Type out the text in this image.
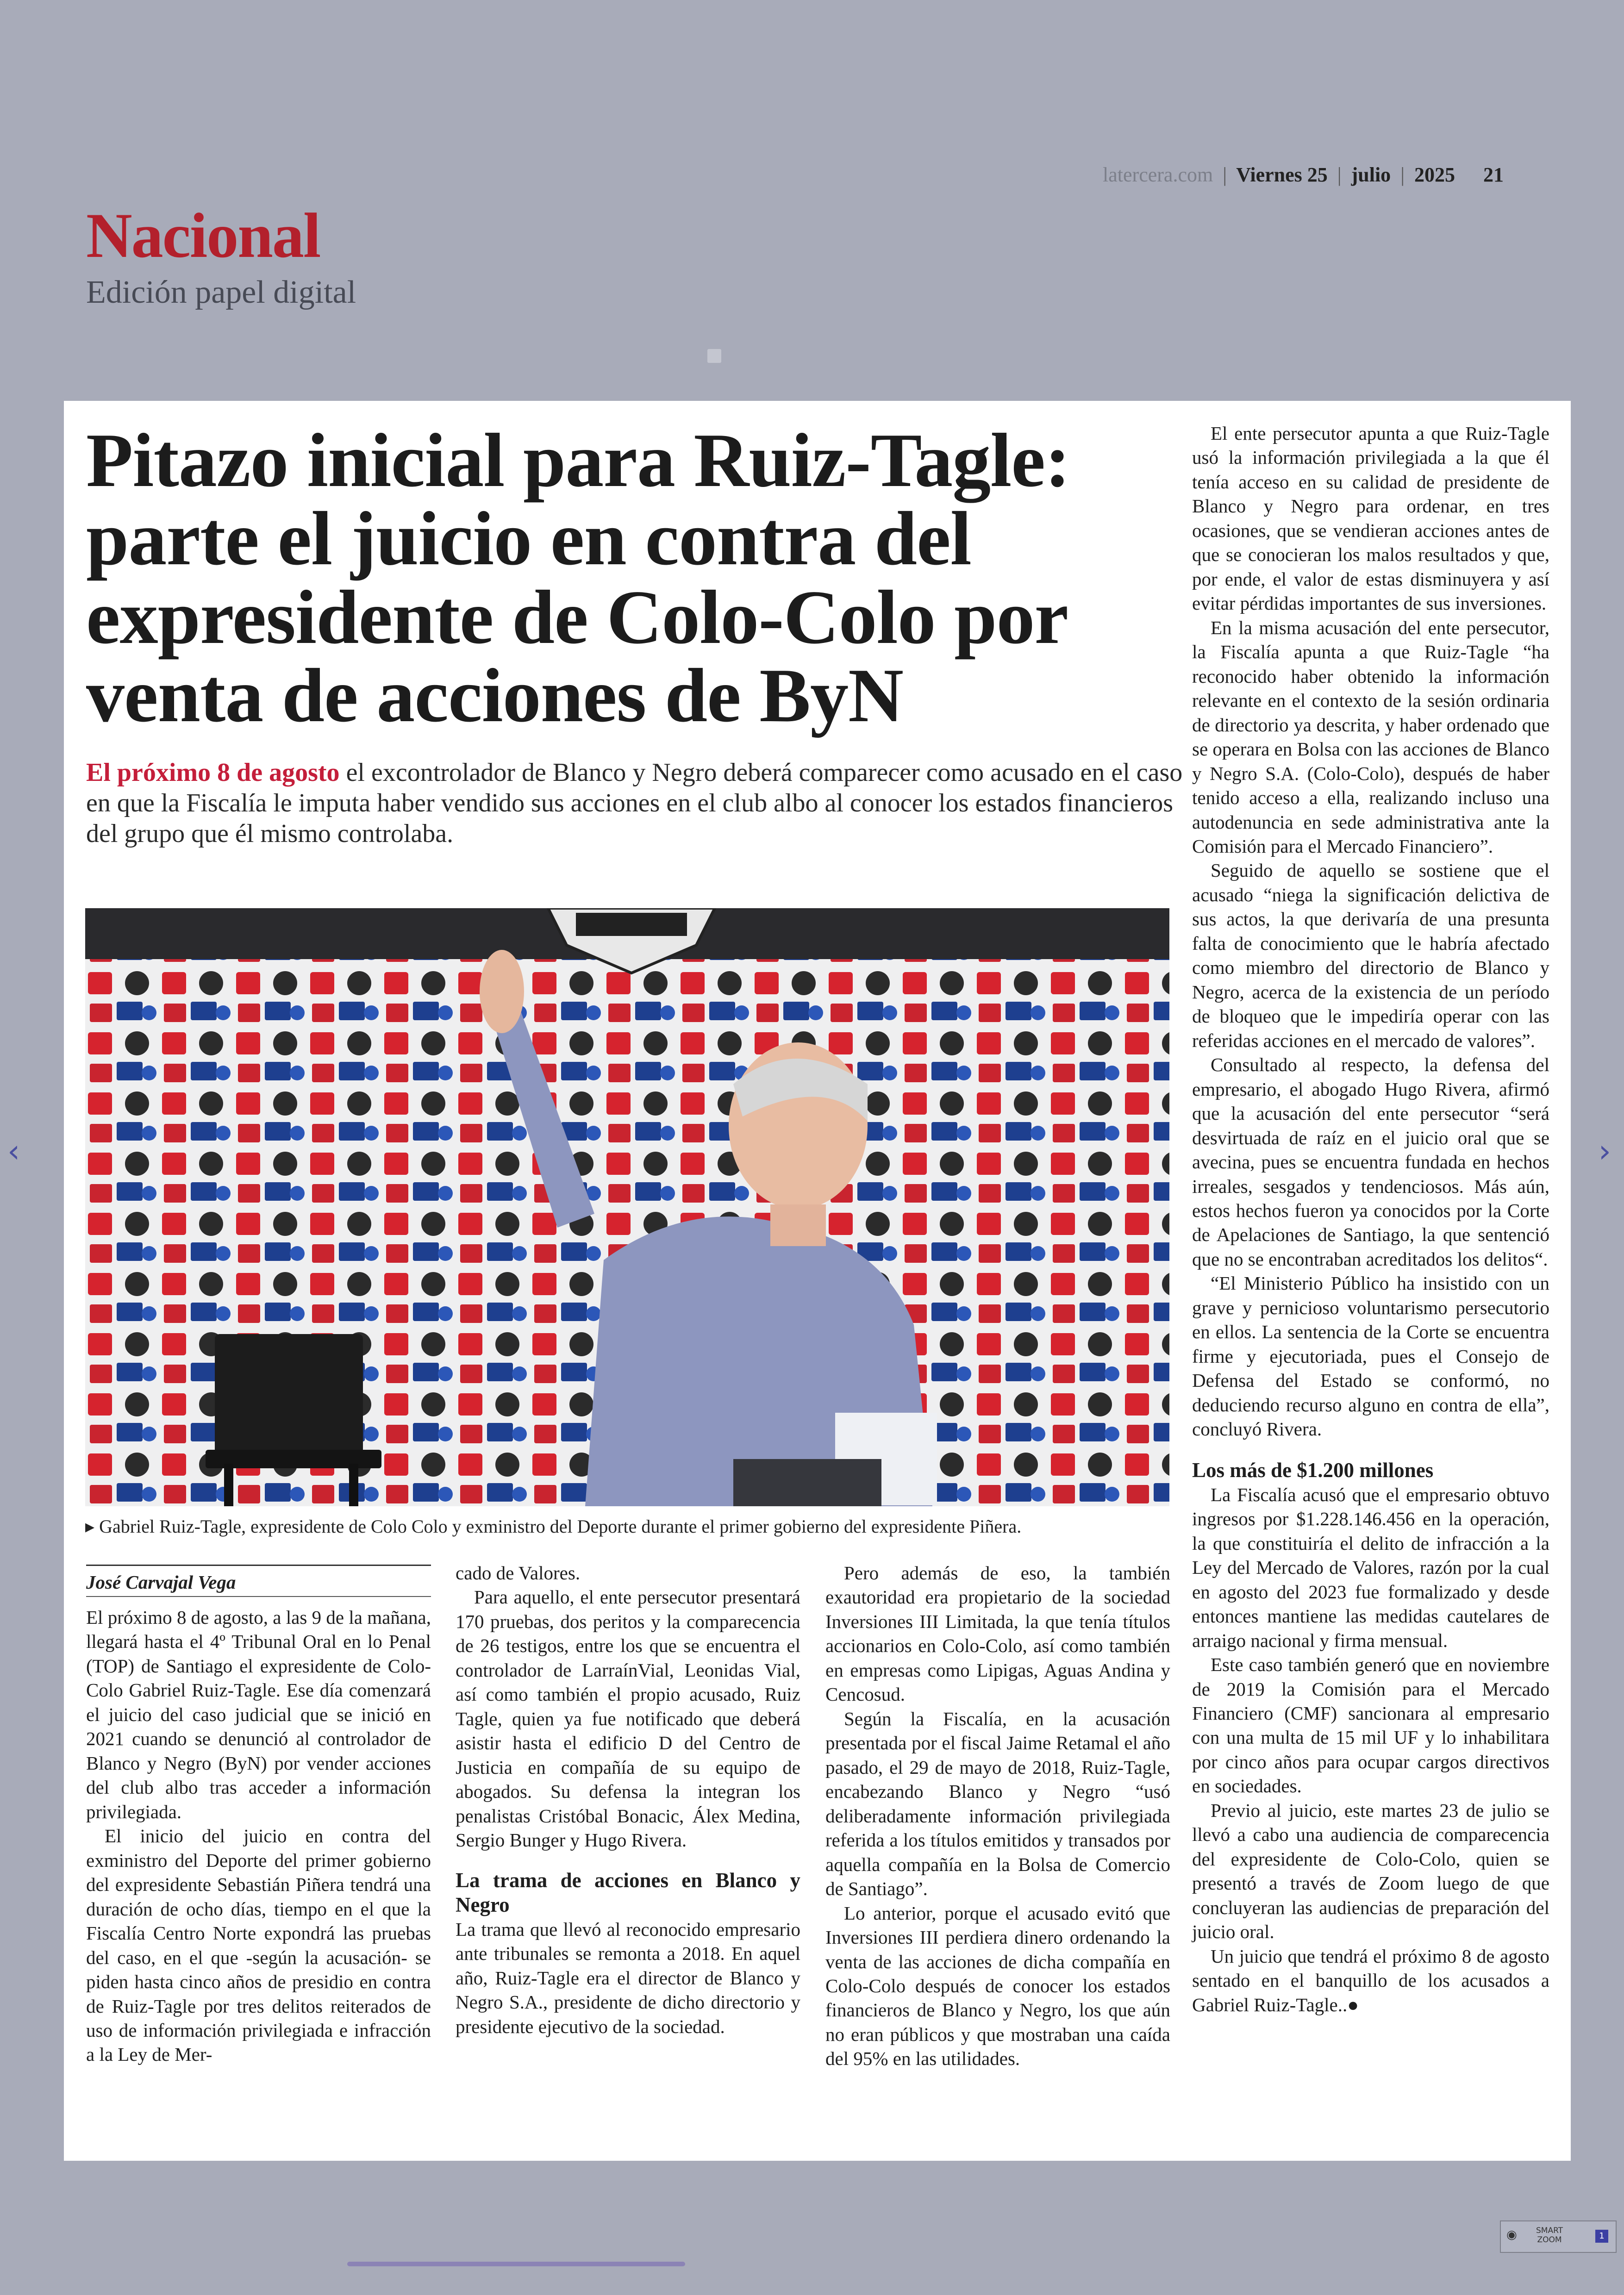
latercera.com | Viernes 25 | julio | 2025 21
Nacional
Edición papel digital
Pitazo inicial para Ruiz-Tagle: parte el juicio en contra del expresidente de Colo-Colo por venta de acciones de ByN

El próximo 8 de agosto el excontrolador de Blanco y Negro deberá comparecer como acusado en el caso en que la Fiscalía le imputa haber vendido sus acciones en el club albo al conocer los estados financieros del grupo que él mismo controlaba.

▸ Gabriel Ruiz-Tagle, expresidente de Colo Colo y exministro del Deporte durante el primer gobierno del expresidente Piñera.

José Carvajal Vega

El próximo 8 de agosto, a las 9 de la mañana, llegará hasta el 4º Tribunal Oral en lo Penal (TOP) de Santiago el expresidente de Colo-Colo Gabriel Ruiz-Tagle. Ese día comenzará el juicio del caso judicial que se inició en 2021 cuando se denunció al controlador de Blanco y Negro (ByN) por vender acciones del club albo tras acceder a información privilegiada.

El inicio del juicio en contra del exministro del Deporte del primer gobierno del expresidente Sebastián Piñera tendrá una duración de ocho días, tiempo en el que la Fiscalía Centro Norte expondrá las pruebas del caso, en el que -según la acusación- se piden hasta cinco años de presidio en contra de Ruiz-Tagle por tres delitos reiterados de uso de información privilegiada e infracción a la Ley de Mer-

cado de Valores.

Para aquello, el ente persecutor presentará 170 pruebas, dos peritos y la comparecencia de 26 testigos, entre los que se encuentra el controlador de LarraínVial, Leonidas Vial, así como también el propio acusado, Ruiz Tagle, quien ya fue notificado que deberá asistir hasta el edificio D del Centro de Justicia en compañía de su equipo de abogados. Su defensa la integran los penalistas Cristóbal Bonacic, Álex Medina, Sergio Bunger y Hugo Rivera.

La trama de acciones en Blanco y Negro

La trama que llevó al reconocido empresario ante tribunales se remonta a 2018. En aquel año, Ruiz-Tagle era el director de Blanco y Negro S.A., presidente de dicho directorio y presidente ejecutivo de la sociedad.

Pero además de eso, la también exautoridad era propietario de la sociedad Inversiones III Limitada, la que tenía títulos accionarios en Colo-Colo, así como también en empresas como Lipigas, Aguas Andina y Cencosud.

Según la Fiscalía, en la acusación presentada por el fiscal Jaime Retamal el año pasado, el 29 de mayo de 2018, Ruiz-Tagle, encabezando Blanco y Negro “usó deliberadamente información privilegiada referida a los títulos emitidos y transados por aquella compañía en la Bolsa de Comercio de Santiago”.

Lo anterior, porque el acusado evitó que Inversiones III perdiera dinero ordenando la venta de las acciones de dicha compañía en Colo-Colo después de conocer los estados financieros de Blanco y Negro, los que aún no eran públicos y que mostraban una caída del 95% en las utilidades.

El ente persecutor apunta a que Ruiz-Tagle usó la información privilegiada a la que él tenía acceso en su calidad de presidente de Blanco y Negro para ordenar, en tres ocasiones, que se vendieran acciones antes de que se conocieran los malos resultados y que, por ende, el valor de estas disminuyera y así evitar pérdidas importantes de sus inversiones.

En la misma acusación del ente persecutor, la Fiscalía apunta a que Ruiz-Tagle “ha reconocido haber obtenido la información relevante en el contexto de la sesión ordinaria de directorio ya descrita, y haber ordenado que se operara en Bolsa con las acciones de Blanco y Negro S.A. (Colo-Colo), después de haber tenido acceso a ella, realizando incluso una autodenuncia en sede administrativa ante la Comisión para el Mercado Financiero”.

Seguido de aquello se sostiene que el acusado “niega la significación delictiva de sus actos, la que derivaría de una presunta falta de conocimiento que le habría afectado como miembro del directorio de Blanco y Negro, acerca de la existencia de un período de bloqueo que le impediría operar con las referidas acciones en el mercado de valores”.

Consultado al respecto, la defensa del empresario, el abogado Hugo Rivera, afirmó que la acusación del ente persecutor “será desvirtuada de raíz en el juicio oral que se avecina, pues se encuentra fundada en hechos irreales, sesgados y tendenciosos. Más aún, estos hechos fueron ya conocidos por la Corte de Apelaciones de Santiago, la que sentenció que no se encontraban acreditados los delitos“.

“El Ministerio Público ha insistido con un grave y pernicioso voluntarismo persecutorio en ellos. La sentencia de la Corte se encuentra firme y ejecutoriada, pues el Consejo de Defensa del Estado se conformó, no deduciendo recurso alguno en contra de ella”, concluyó Rivera.

Los más de $1.200 millones

La Fiscalía acusó que el empresario obtuvo ingresos por $1.228.146.456 en la operación, la que constituiría el delito de infracción a la Ley del Mercado de Valores, razón por la cual en agosto del 2023 fue formalizado y desde entonces mantiene las medidas cautelares de arraigo nacional y firma mensual.

Este caso también generó que en noviembre de 2019 la Comisión para el Mercado Financiero (CMF) sancionara al empresario con una multa de 15 mil UF y lo inhabilitara por cinco años para ocupar cargos directivos en sociedades.

Previo al juicio, este martes 23 de julio se llevó a cabo una audiencia de comparecencia del expresidente de Colo-Colo, quien se presentó a través de Zoom luego de que concluyeran las audiencias de preparación del juicio oral.

Un juicio que tendrá el próximo 8 de agosto sentado en el banquillo de los acusados a Gabriel Ruiz-Tagle..●

‹	›
◉ SMART
ZOOM	1
